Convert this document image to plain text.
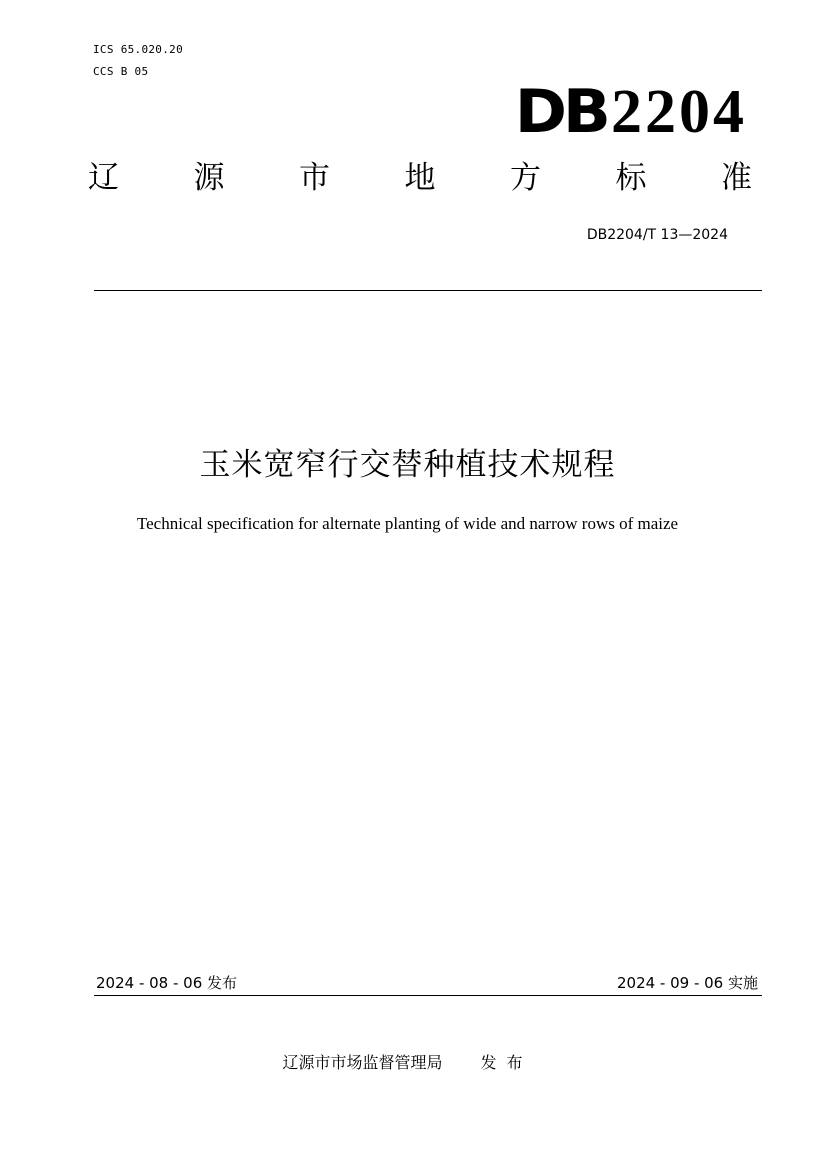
ICS 65.020.20
CCS B 05
DB2204
辽 源 市 地 方 标 准
DB2204/T 13—2024
玉米宽窄行交替种植技术规程
Technical specification for alternate planting of wide and narrow rows of maize
2024 - 08 - 06 发布	2024 - 09 - 06 实施
辽源市市场监督管理局 发布
